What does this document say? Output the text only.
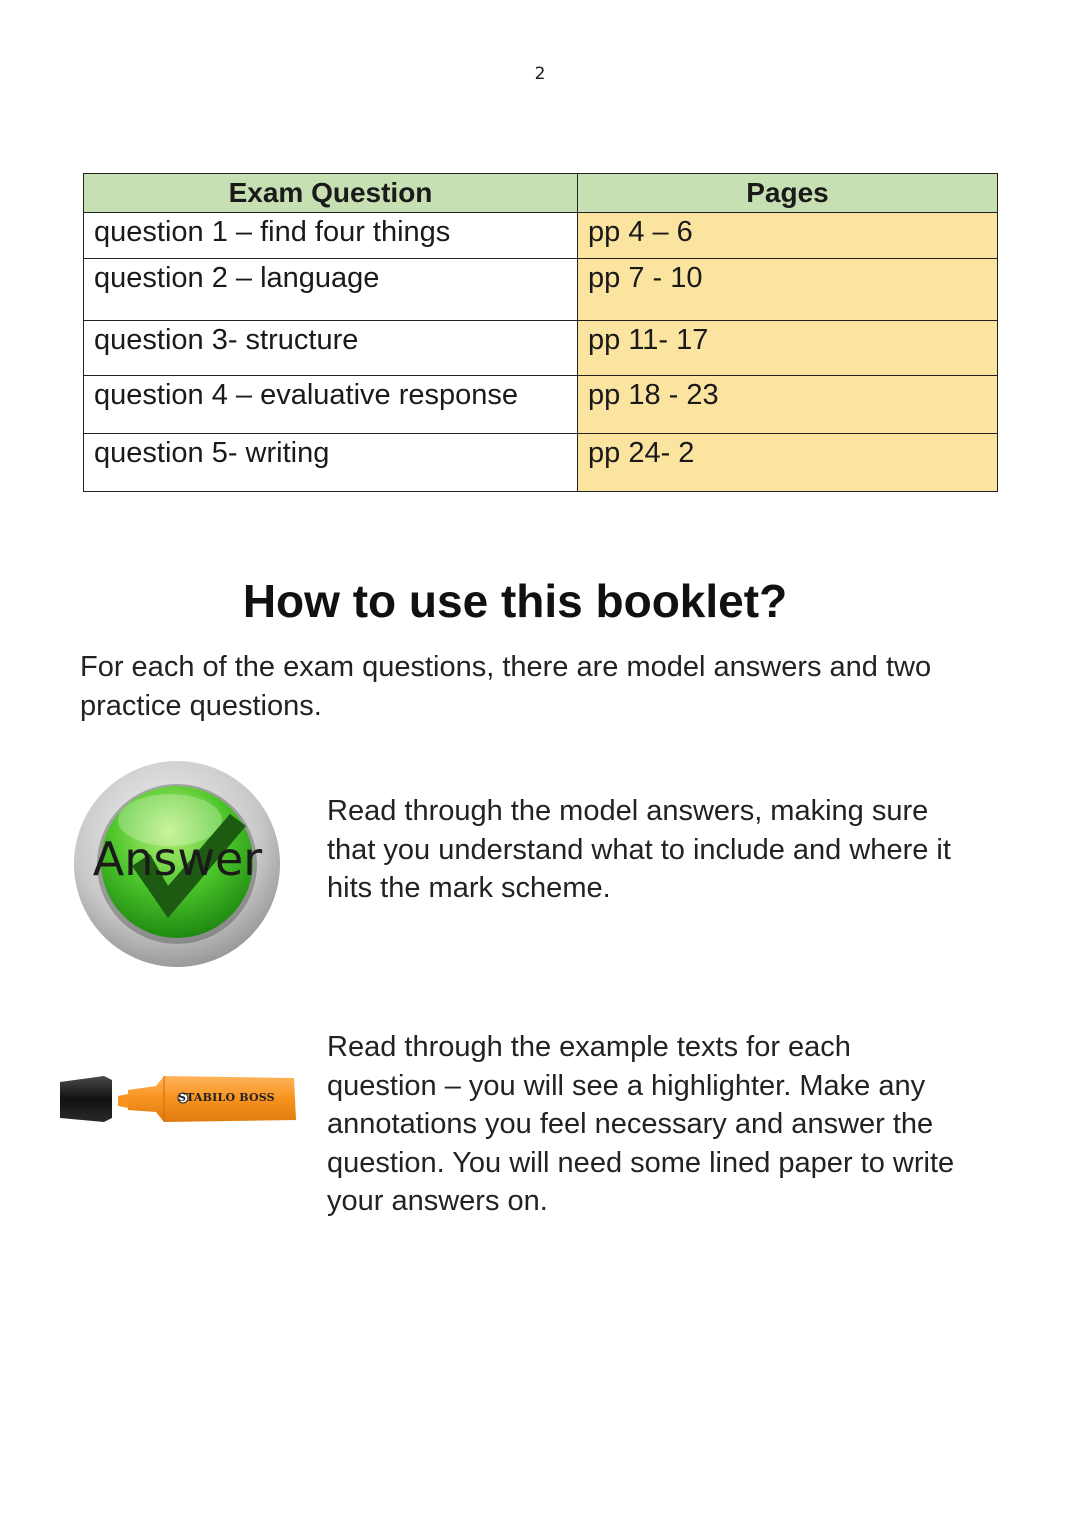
2
Exam Question	Pages
question 1 – find four things	pp 4 – 6
question 2 – language	pp 7 - 10
question 3- structure	pp 11- 17
question 4 – evaluative response	pp 18 - 23
question 5- writing	pp 24- 2
How to use this booklet?
For each of the exam questions, there are model answers and two practice questions.
Answer
Read through the model answers, making sure that you understand what to include and where it hits the mark scheme.
STABILO BOSS
Read through the example texts for each question – you will see a highlighter. Make any annotations you feel necessary and answer the question. You will need some lined paper to write your answers on.
